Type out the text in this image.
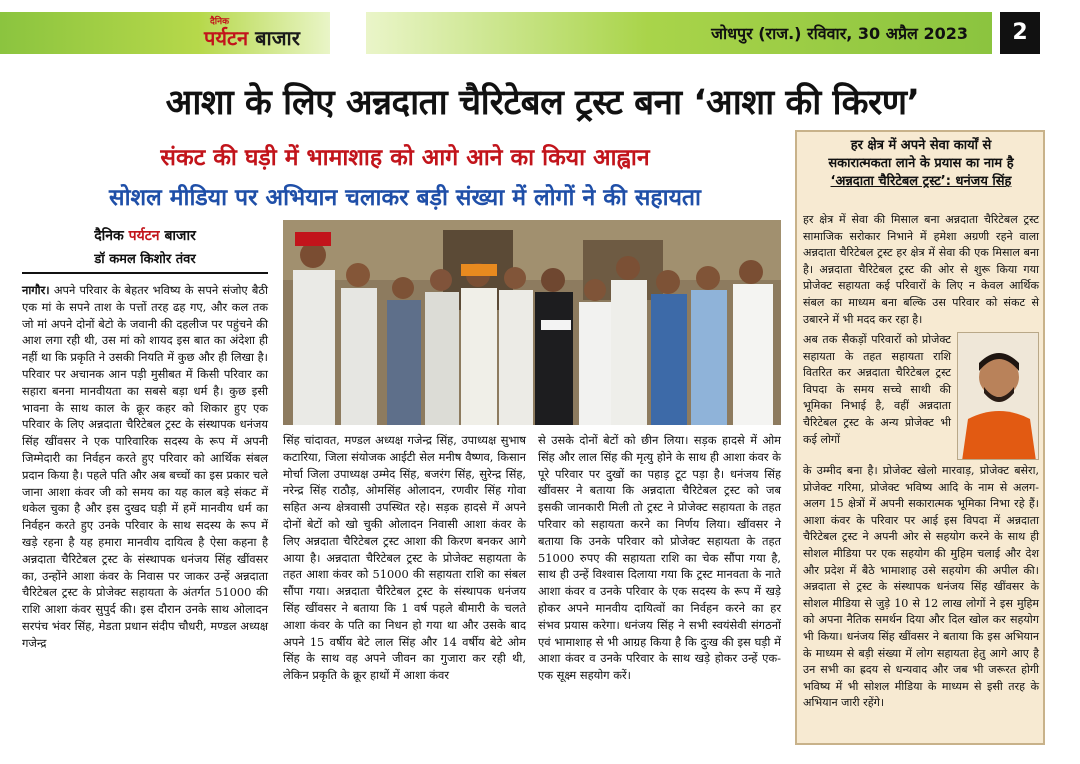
दैनिक
पर्यटन बाजार	जोधपुर (राज.) रविवार, 30 अप्रैल 2023	2
आशा के लिए अन्नदाता चैरिटेबल ट्रस्ट बना ‘आशा की किरण’
संकट की घड़ी में भामाशाह को आगे आने का किया आह्वान
सोशल मीडिया पर अभियान चलाकर बड़ी संख्या में लोगों ने की सहायता
दैनिक पर्यटन बाजार
डॉ कमल किशोर तंवर

नागौर। अपने परिवार के बेहतर भविष्य के सपने संजोए बैठी एक मां के सपने ताश के पत्तों तरह ढह गए, और कल तक जो मां अपने दोनों बेटो के जवानी की दहलीज पर पहुंचने की आश लगा रही थी, उस मां को शायद इस बात का अंदेशा ही नहीं था कि प्रकृति ने उसकी नियति में कुछ और ही लिखा है। परिवार पर अचानक आन पड़ी मुसीबत में किसी परिवार का सहारा बनना मानवीयता का सबसे बड़ा धर्म है। कुछ इसी भावना के साथ काल के क्रूर कहर को शिकार हुए एक परिवार के लिए अन्नदाता चैरिटेबल ट्रस्ट के संस्थापक धनंजय सिंह खींवसर ने एक पारिवारिक सदस्य के रूप में अपनी जिम्मेदारी का निर्वहन करते हुए परिवार को आर्थिक संबल प्रदान किया है। पहले पति और अब बच्चों का इस प्रकार चले जाना आशा कंवर जी को समय का यह काल बड़े संकट में धकेल चुका है और इस दुखद घड़ी में हमें मानवीय धर्म का निर्वहन करते हुए उनके परिवार के साथ सदस्य के रूप में खड़े रहना है यह हमारा मानवीय दायित्व है ऐसा कहना है अन्नदाता चैरिटेबल ट्रस्ट के संस्थापक धनंजय सिंह खींवसर का, उन्होंने आशा कंवर के निवास पर जाकर उन्हें अन्नदाता चैरिटेबल ट्रस्ट के प्रोजेक्ट सहायता के अंतर्गत 51000 की राशि आशा कंवर सुपुर्द की। इस दौरान उनके साथ ओलादन सरपंच भंवर सिंह, मेडता प्रधान संदीप चौधरी, मण्डल अध्यक्ष गजेन्द्र

सिंह चांदावत, मण्डल अध्यक्ष गजेन्द्र सिंह, उपाध्यक्ष सुभाष कटारिया, जिला संयोजक आईटी सेल मनीष वैष्णव, किसान मोर्चा जिला उपाध्यक्ष उम्मेद सिंह, बजरंग सिंह, सुरेन्द्र सिंह, नरेन्द्र सिंह राठौड़, ओमसिंह ओलादन, रणवीर सिंह गोवा सहित अन्य क्षेत्रवासी उपस्थित रहे। सड़क हादसे में अपने दोनों बेटों को खो चुकी ओलादन निवासी आशा कंवर के लिए अन्नदाता चैरिटेबल ट्रस्ट आशा की किरण बनकर आगे आया है। अन्नदाता चैरिटेबल ट्रस्ट के प्रोजेक्ट सहायता के तहत आशा कंवर को 51000 की सहायता राशि का संबल सौंपा गया। अन्नदाता चैरिटेबल ट्रस्ट के संस्थापक धनंजय सिंह खींवसर ने बताया कि 1 वर्ष पहले बीमारी के चलते आशा कंवर के पति का निधन हो गया था और उसके बाद अपने 15 वर्षीय बेटे लाल सिंह और 14 वर्षीय बेटे ओम सिंह के साथ वह अपने जीवन का गुजारा कर रही थी, लेकिन प्रकृति के क्रूर हाथों में आशा कंवर

से उसके दोनों बेटों को छीन लिया। सड़क हादसे में ओम सिंह और लाल सिंह की मृत्यु होने के साथ ही आशा कंवर के पूरे परिवार पर दुखों का पहाड़ टूट पड़ा है। धनंजय सिंह खींवसर ने बताया कि अन्नदाता चैरिटेबल ट्रस्ट को जब इसकी जानकारी मिली तो ट्रस्ट ने प्रोजेक्ट सहायता के तहत परिवार को सहायता करने का निर्णय लिया। खींवसर ने बताया कि उनके परिवार को प्रोजेक्ट सहायता के तहत 51000 रुपए की सहायता राशि का चेक सौंपा गया है, साथ ही उन्हें विश्वास दिलाया गया कि ट्रस्ट मानवता के नाते आशा कंवर व उनके परिवार के एक सदस्य के रूप में खड़े होकर अपने मानवीय दायित्वों का निर्वहन करने का हर संभव प्रयास करेगा। धनंजय सिंह ने सभी स्वयंसेवी संगठनों एवं भामाशाह से भी आग्रह किया है कि दुःख की इस घड़ी में आशा कंवर व उनके परिवार के साथ खड़े होकर उन्हें एक-एक सूक्ष्म सहयोग करें।

हर क्षेत्र में अपने सेवा कार्यों से
सकारात्मकता लाने के प्रयास का नाम है
‘अन्नदाता चैरिटेबल ट्रस्ट’: धनंजय सिंह
हर क्षेत्र में सेवा की मिसाल बना अन्नदाता चैरिटेबल ट्रस्ट सामाजिक सरोकार निभाने में हमेशा अग्रणी रहने वाला अन्नदाता चैरिटेबल ट्रस्ट हर क्षेत्र में सेवा की एक मिसाल बना है। अन्नदाता चैरिटेबल ट्रस्ट की ओर से शुरू किया गया प्रोजेक्ट सहायता कई परिवारों के लिए न केवल आर्थिक संबल का माध्यम बना बल्कि उस परिवार को संकट से उबारने में भी मदद कर रहा है।
अब तक सैकड़ों परिवारों को प्रोजेक्ट सहायता के तहत सहायता राशि वितरित कर अन्नदाता चैरिटेबल ट्रस्ट विपदा के समय सच्चे साथी की भूमिका निभाई है, वहीं अन्नदाता चैरिटेबल ट्रस्ट के अन्य प्रोजेक्ट भी कई लोगों
के उम्मीद बना है। प्रोजेक्ट खेलो मारवाड़, प्रोजेक्ट बसेरा, प्रोजेक्ट गरिमा, प्रोजेक्ट भविष्य आदि के नाम से अलग-अलग 15 क्षेत्रों में अपनी सकारात्मक भूमिका निभा रहे हैं। आशा कंवर के परिवार पर आई इस विपदा में अन्नदाता चैरिटेबल ट्रस्ट ने अपनी ओर से सहयोग करने के साथ ही सोशल मीडिया पर एक सहयोग की मुहिम चलाई और देश और प्रदेश में बैठे भामाशाह उसे सहयोग की अपील की। अन्नदाता से ट्रस्ट के संस्थापक धनंजय सिंह खींवसर के सोशल मीडिया से जुड़े 10 से 12 लाख लोगों ने इस मुहिम को अपना नैतिक समर्थन दिया और दिल खोल कर सहयोग भी किया। धनंजय सिंह खींवसर ने बताया कि इस अभियान के माध्यम से बड़ी संख्या में लोग सहायता हेतु आगे आए है उन सभी का ह्रदय से धन्यवाद और जब भी जरूरत होगी भविष्य में भी सोशल मीडिया के माध्यम से इसी तरह के अभियान जारी रहेंगे।
